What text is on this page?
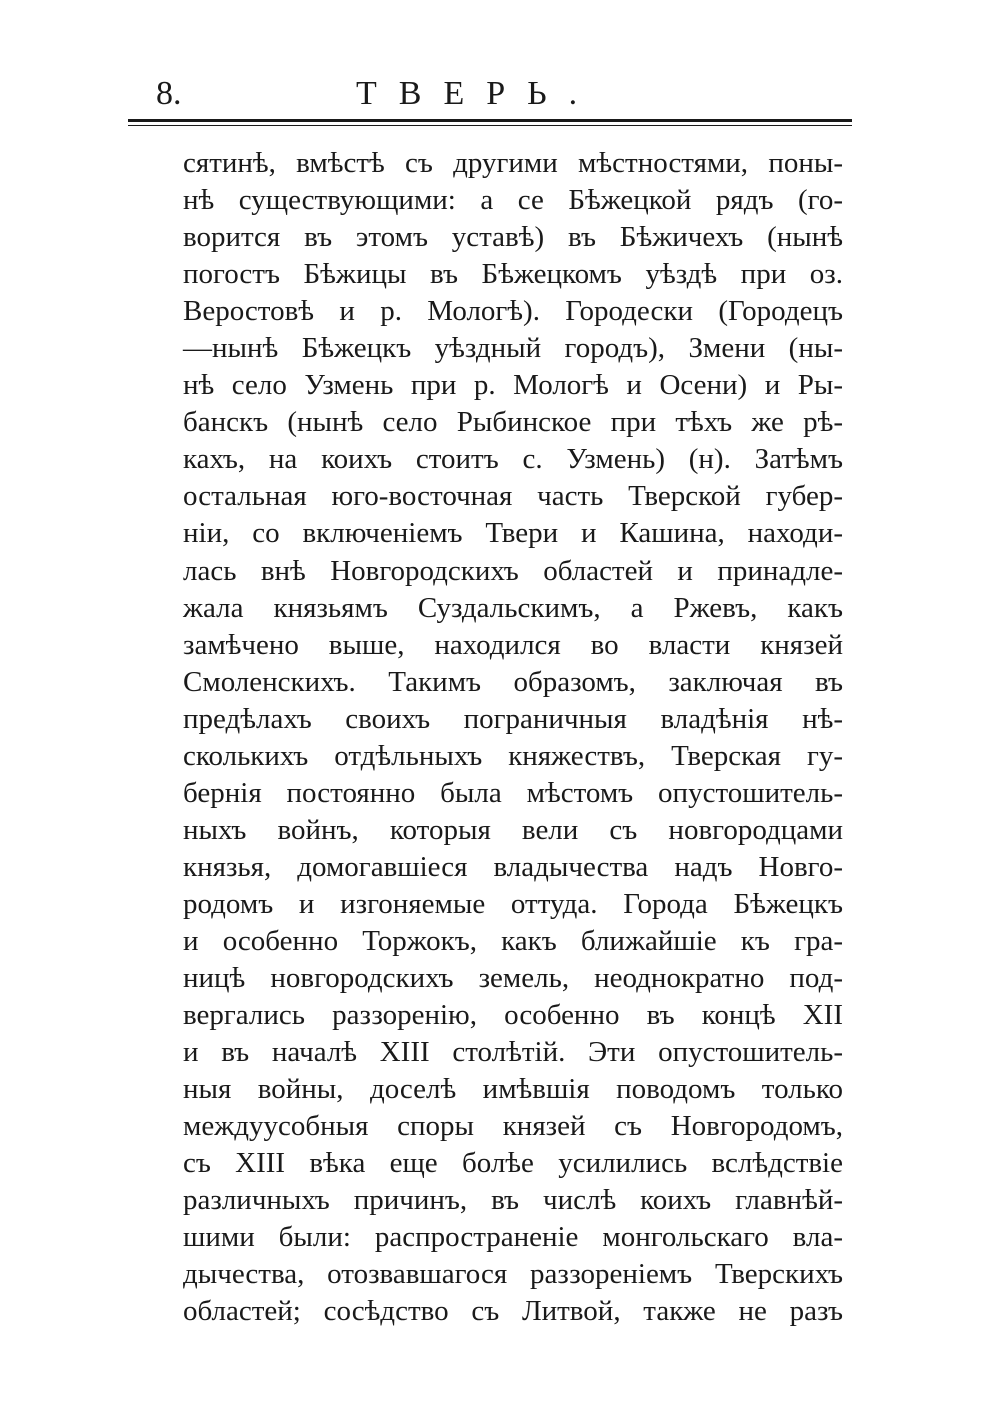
8.	ТВЕРЬ.
сятинѣ, вмѣстѣ съ другими мѣстностями, поны-
нѣ существующими: а се Бѣжецкой рядъ (го-
ворится въ этомъ уставѣ) въ Бѣжичехъ (нынѣ
погостъ Бѣжицы въ Бѣжецкомъ уѣздѣ при оз.
Веростовѣ и р. Мологѣ). Городески (Городецъ
—нынѣ Бѣжецкъ уѣздный городъ), Змени (ны-
нѣ село Узмень при р. Мологѣ и Осени) и Ры-
банскъ (нынѣ село Рыбинское при тѣхъ же рѣ-
кахъ, на коихъ стоитъ с. Узмень) (н). Затѣмъ
остальная юго-восточная часть Тверской губер-
нiи, со включенiемъ Твери и Кашина, находи-
лась внѣ Новгородскихъ областей и принадле-
жала князьямъ Суздальскимъ, а Ржевъ, какъ
замѣчено выше, находился во власти князей
Смоленскихъ. Такимъ образомъ, заключая въ
предѣлахъ своихъ пограничныя владѣнiя нѣ-
сколькихъ отдѣльныхъ княжествъ, Тверская гу-
бернiя постоянно была мѣстомъ опустошитель-
ныхъ войнъ, которыя вели съ новгородцами
князья, домогавшiеся владычества надъ Новго-
родомъ и изгоняемые оттуда. Города Бѣжецкъ
и особенно Торжокъ, какъ ближайшiе къ гра-
ницѣ новгородскихъ земель, неоднократно под-
вергались раззоренiю, особенно въ концѣ XII
и въ началѣ XIII столѣтiй. Эти опустошитель-
ныя войны, доселѣ имѣвшiя поводомъ только
междуусобныя споры князей съ Новгородомъ,
съ XIII вѣка еще болѣе усилились вслѣдствiе
различныхъ причинъ, въ числѣ коихъ главнѣй-
шими были: распространенiе монгольскаго вла-
дычества, отозвавшагося раззоренiемъ Тверскихъ
областей; сосѣдство съ Литвой, также не разъ
